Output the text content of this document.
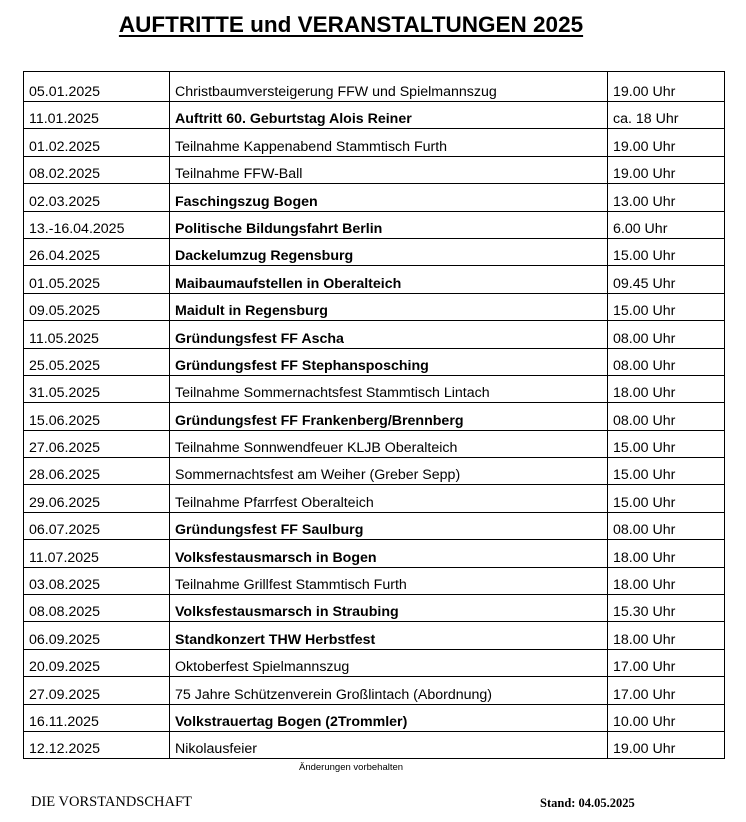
AUFTRITTE und VERANSTALTUNGEN 2025
05.01.2025	Christbaumversteigerung FFW und Spielmannszug	19.00 Uhr
11.01.2025	Auftritt 60. Geburtstag Alois Reiner	ca. 18 Uhr
01.02.2025	Teilnahme Kappenabend Stammtisch Furth	19.00 Uhr
08.02.2025	Teilnahme FFW-Ball	19.00 Uhr
02.03.2025	Faschingszug Bogen	13.00 Uhr
13.-16.04.2025	Politische Bildungsfahrt Berlin	6.00 Uhr
26.04.2025	Dackelumzug Regensburg	15.00 Uhr
01.05.2025	Maibaumaufstellen in Oberalteich	09.45 Uhr
09.05.2025	Maidult in Regensburg	15.00 Uhr
11.05.2025	Gründungsfest FF Ascha	08.00 Uhr
25.05.2025	Gründungsfest FF Stephansposching	08.00 Uhr
31.05.2025	Teilnahme Sommernachtsfest Stammtisch Lintach	18.00 Uhr
15.06.2025	Gründungsfest FF Frankenberg/Brennberg	08.00 Uhr
27.06.2025	Teilnahme Sonnwendfeuer KLJB Oberalteich	15.00 Uhr
28.06.2025	Sommernachtsfest am Weiher (Greber Sepp)	15.00 Uhr
29.06.2025	Teilnahme Pfarrfest Oberalteich	15.00 Uhr
06.07.2025	Gründungsfest FF Saulburg	08.00 Uhr
11.07.2025	Volksfestausmarsch in Bogen	18.00 Uhr
03.08.2025	Teilnahme Grillfest Stammtisch Furth	18.00 Uhr
08.08.2025	Volksfestausmarsch in Straubing	15.30 Uhr
06.09.2025	Standkonzert THW Herbstfest	18.00 Uhr
20.09.2025	Oktoberfest Spielmannszug	17.00 Uhr
27.09.2025	75 Jahre Schützenverein Großlintach (Abordnung)	17.00 Uhr
16.11.2025	Volkstrauertag Bogen (2Trommler)	10.00 Uhr
12.12.2025	Nikolausfeier	19.00 Uhr
Änderungen vorbehalten
DIE VORSTANDSCHAFT	Stand: 04.05.2025
